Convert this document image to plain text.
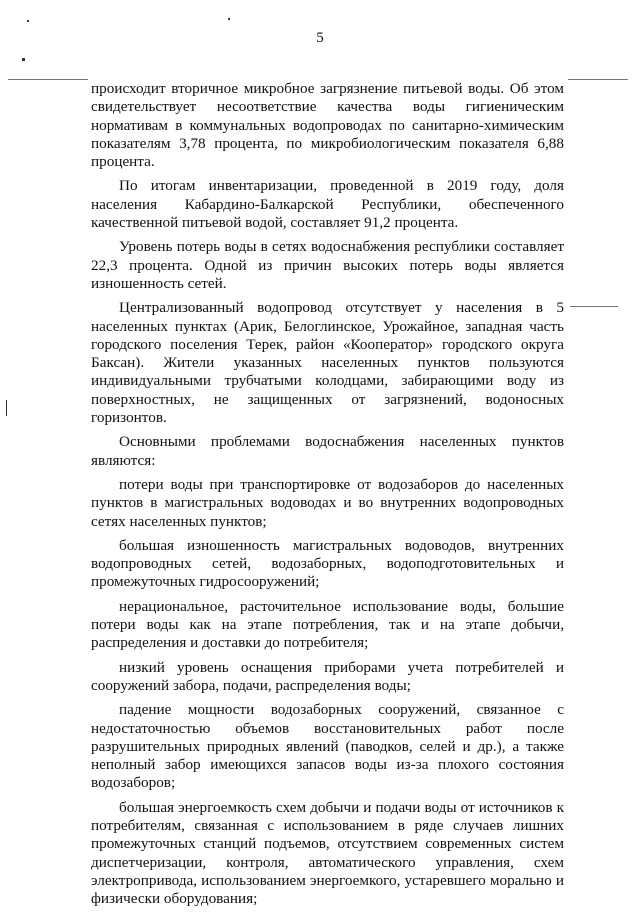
5

происходит вторичное микробное загрязнение питьевой воды. Об этом свидетельствует несоответствие качества воды гигиеническим нормативам в коммунальных водопроводах по санитарно-химическим показателям 3,78 процента, по микробиологическим показателя 6,88 процента.

По итогам инвентаризации, проведенной в 2019 году, доля населения Кабардино-Балкарской Республики, обеспеченного качественной питьевой водой, составляет 91,2 процента.

Уровень потерь воды в сетях водоснабжения республики составляет 22,3 процента. Одной из причин высоких потерь воды является изношенность сетей.

Централизованный водопровод отсутствует у населения в 5 населенных пунктах (Арик, Белоглинское, Урожайное, западная часть городского поселения Терек, район «Кооператор» городского округа Баксан). Жители указанных населенных пунктов пользуются индивидуальными трубчатыми колодцами, забирающими воду из поверхностных, не защищенных от загрязнений, водоносных горизонтов.

Основными проблемами водоснабжения населенных пунктов являются:

потери воды при транспортировке от водозаборов до населенных пунктов в магистральных водоводах и во внутренних водопроводных сетях населенных пунктов;

большая изношенность магистральных водоводов, внутренних водопроводных сетей, водозаборных, водоподготовительных и промежуточных гидросооружений;

нерациональное, расточительное использование воды, большие потери воды как на этапе потребления, так и на этапе добычи, распределения и доставки до потребителя;

низкий уровень оснащения приборами учета потребителей и сооружений забора, подачи, распределения воды;

падение мощности водозаборных сооружений, связанное с недостаточностью объемов восстановительных работ после разрушительных природных явлений (паводков, селей и др.), а также неполный забор имеющихся запасов воды из-за плохого состояния водозаборов;

большая энергоемкость схем добычи и подачи воды от источников к потребителям, связанная с использованием в ряде случаев лишних промежуточных станций подъемов, отсутствием современных систем диспетчеризации, контроля, автоматического управления, схем электропривода, использованием энергоемкого, устаревшего морально и физически оборудования;
